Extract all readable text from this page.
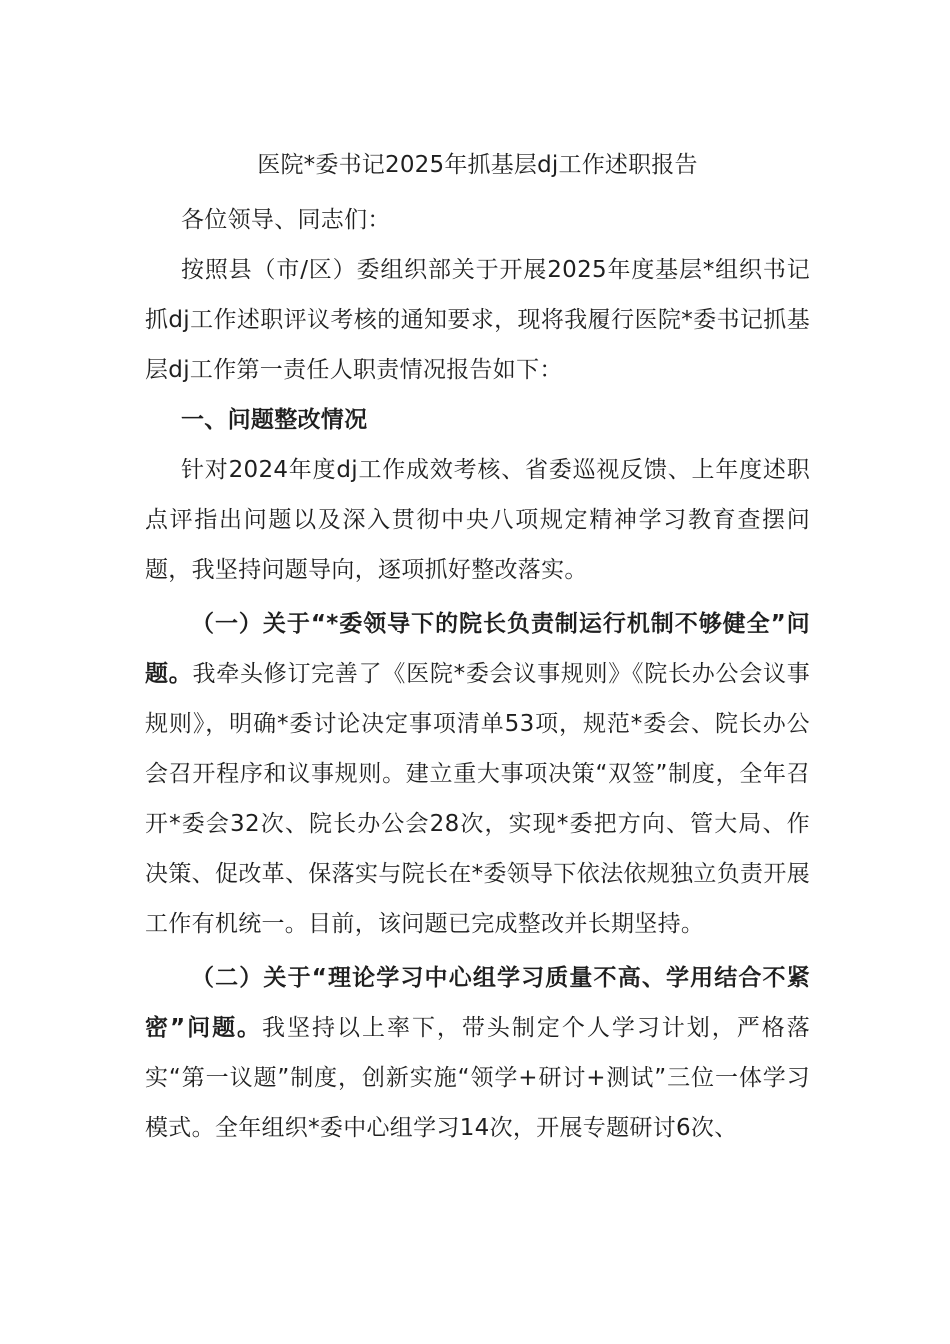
医院*委书记2025年抓基层dj工作述职报告

各位领导、同志们：

按照县（市/区）委组织部关于开展2025年度基层*组织书记抓dj工作述职评议考核的通知要求，现将我履行医院*委书记抓基层dj工作第一责任人职责情况报告如下：

一、问题整改情况

针对2024年度dj工作成效考核、省委巡视反馈、上年度述职点评指出问题以及深入贯彻中央八项规定精神学习教育查摆问题，我坚持问题导向，逐项抓好整改落实。

（一）关于“*委领导下的院长负责制运行机制不够健全”问题。我牵头修订完善了《医院*委会议事规则》《院长办公会议事规则》，明确*委讨论决定事项清单53项，规范*委会、院长办公会召开程序和议事规则。建立重大事项决策“双签”制度，全年召开*委会32次、院长办公会28次，实现*委把方向、管大局、作决策、促改革、保落实与院长在*委领导下依法依规独立负责开展工作有机统一。目前，该问题已完成整改并长期坚持。

（二）关于“理论学习中心组学习质量不高、学用结合不紧密”问题。我坚持以上率下，带头制定个人学习计划，严格落实“第一议题”制度，创新实施“领学+研讨+测试”三位一体学习模式。全年组织*委中心组学习14次，开展专题研讨6次、
